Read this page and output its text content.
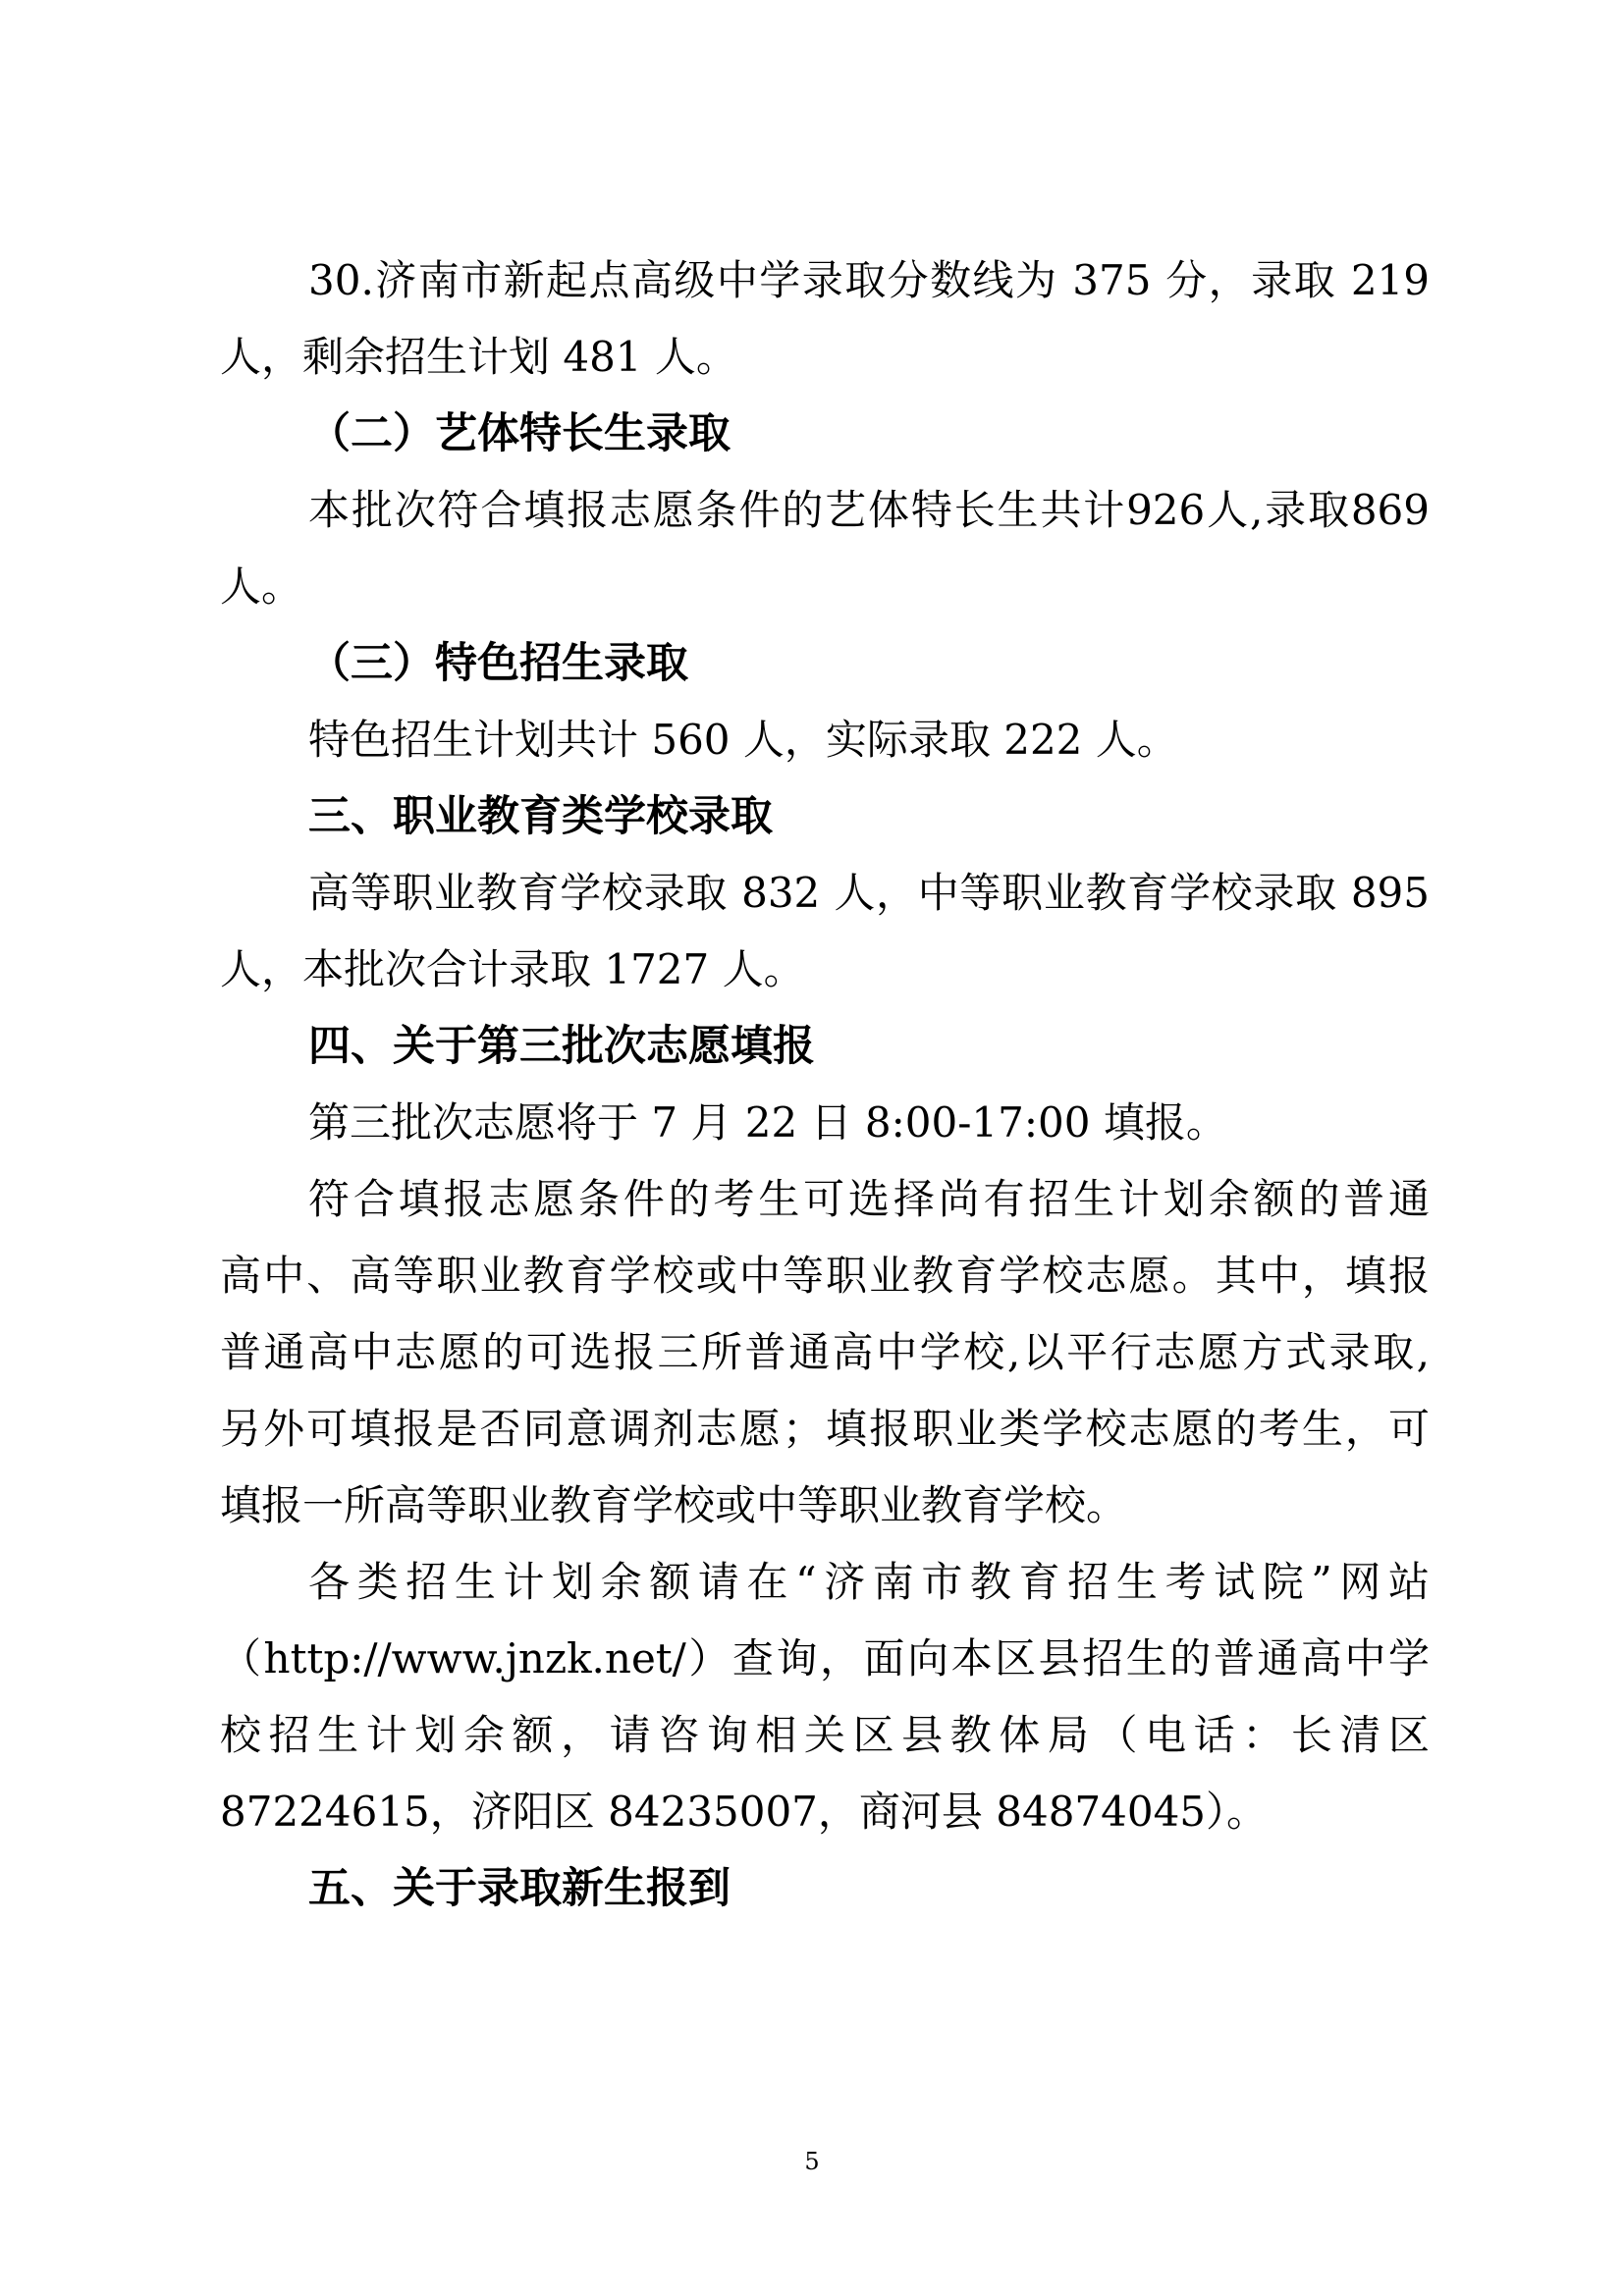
30.济南市新起点高级中学录取分数线为 375 分，录取 219

人，剩余招生计划 481 人。

（二）艺体特长生录取

本批次符合填报志愿条件的艺体特长生共计926人,录取869

人。

（三）特色招生录取

特色招生计划共计 560 人，实际录取 222 人。

三、职业教育类学校录取

高等职业教育学校录取 832 人，中等职业教育学校录取 895

人，本批次合计录取 1727 人。

四、关于第三批次志愿填报

第三批次志愿将于 7 月 22 日 8:00-17:00 填报。

符合填报志愿条件的考生可选择尚有招生计划余额的普通

高中、高等职业教育学校或中等职业教育学校志愿。其中，填报

普通高中志愿的可选报三所普通高中学校,以平行志愿方式录取,

另外可填报是否同意调剂志愿；填报职业类学校志愿的考生，可

填报一所高等职业教育学校或中等职业教育学校。

各类招生计划余额请在“济南市教育招生考试院”网站

（http://www.jnzk.net/）查询，面向本区县招生的普通高中学

校招生计划余额，请咨询相关区县教体局（电话：长清区

87224615，济阳区 84235007，商河县 84874045）。

五、关于录取新生报到

5
